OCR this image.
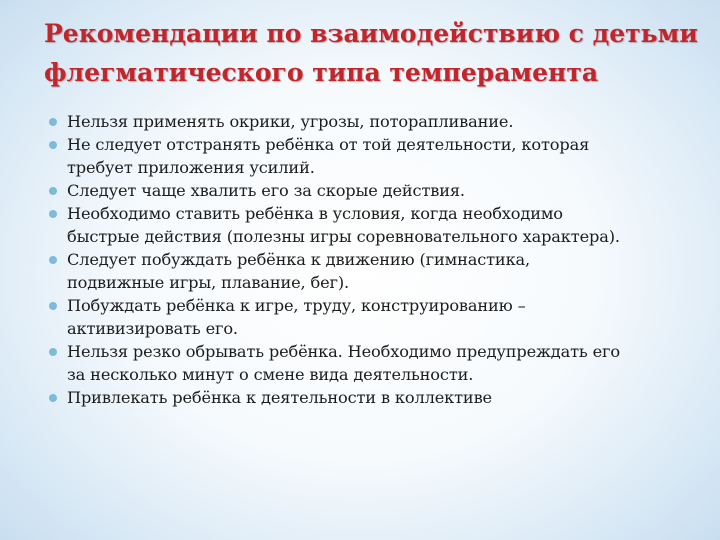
Рекомендации по взаимодействию с детьми
флегматического типа темперамента
Нельзя применять окрики, угрозы, поторапливание.
Не следует отстранять ребёнка от той деятельности, которая
требует приложения усилий.
Следует чаще хвалить его за скорые действия.
Необходимо ставить ребёнка в условия, когда необходимо
быстрые действия (полезны игры соревновательного характера).
Следует побуждать ребёнка к движению (гимнастика,
подвижные игры, плавание, бег).
Побуждать ребёнка к игре, труду, конструированию –
активизировать его.
Нельзя резко обрывать ребёнка. Необходимо предупреждать его
за несколько минут о смене вида деятельности.
Привлекать ребёнка к деятельности в коллективе
